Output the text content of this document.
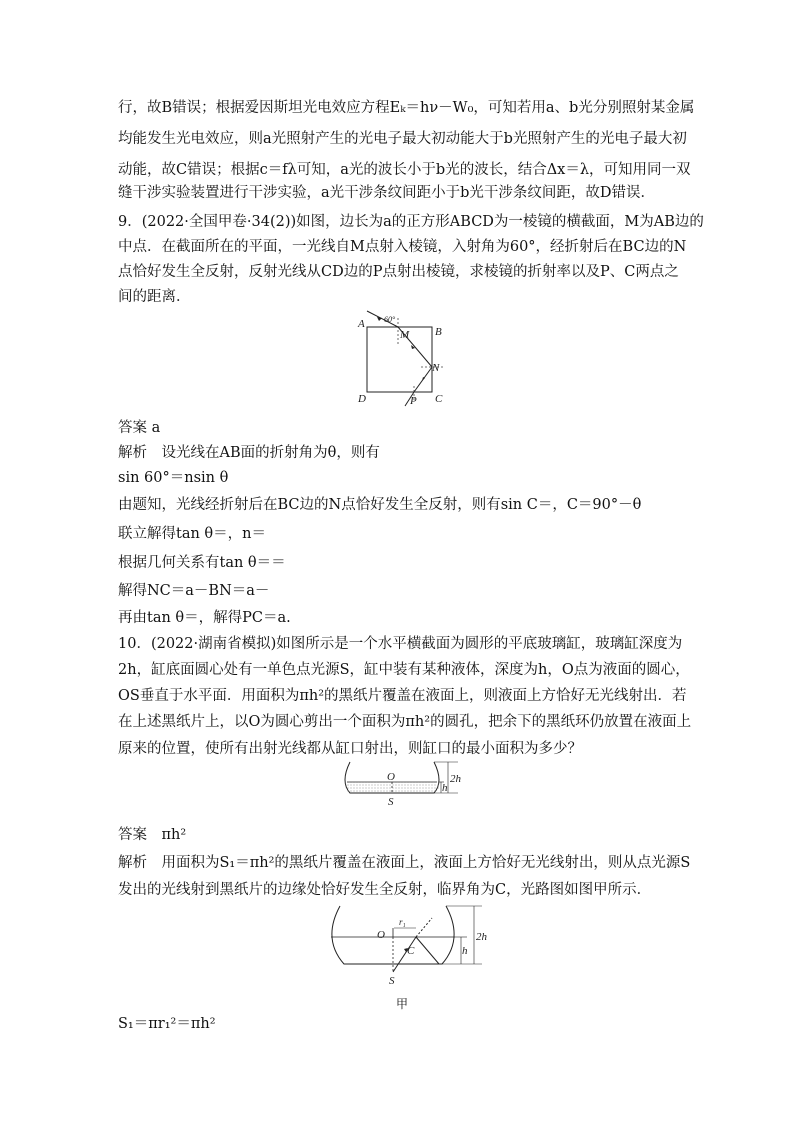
行，故B错误；根据爱因斯坦光电效应方程Eₖ＝hν－W₀，可知若用a、b光分别照射某金属
均能发生光电效应，则a光照射产生的光电子最大初动能大于b光照射产生的光电子最大初
动能，故C错误；根据c＝fλ可知，a光的波长小于b光的波长，结合Δx＝λ，可知用同一双
缝干涉实验装置进行干涉实验，a光干涉条纹间距小于b光干涉条纹间距，故D错误．
9．(2022·全国甲卷·34(2))如图，边长为a的正方形ABCD为一棱镜的横截面，M为AB边的
中点．在截面所在的平面，一光线自M点射入棱镜，入射角为60°，经折射后在BC边的N
点恰好发生全反射，反射光线从CD边的P点射出棱镜，求棱镜的折射率以及P、C两点之
间的距离．
A
B
C
D
M
N
P
60°
答案 a
解析　设光线在AB面的折射角为θ，则有
sin 60°＝nsin θ
由题知，光线经折射后在BC边的N点恰好发生全反射，则有sin C＝，C＝90°－θ
联立解得tan θ＝，n＝
根据几何关系有tan θ＝＝
解得NC＝a－BN＝a－
再由tan θ＝，解得PC＝a.
10．(2022·湖南省模拟)如图所示是一个水平横截面为圆形的平底玻璃缸，玻璃缸深度为
2h，缸底面圆心处有一单色点光源S，缸中装有某种液体，深度为h，O点为液面的圆心，
OS垂直于水平面．用面积为πh²的黑纸片覆盖在液面上，则液面上方恰好无光线射出．若
在上述黑纸片上，以O为圆心剪出一个面积为πh²的圆孔，把余下的黑纸环仍放置在液面上
原来的位置，使所有出射光线都从缸口射出，则缸口的最小面积为多少？
O
S
2h
h
答案　πh²
解析　用面积为S₁＝πh²的黑纸片覆盖在液面上，液面上方恰好无光线射出，则从点光源S
发出的光线射到黑纸片的边缘处恰好发生全反射，临界角为C，光路图如图甲所示．
O
S
C
r₁
2h
h
甲
S₁＝πr₁²＝πh²
